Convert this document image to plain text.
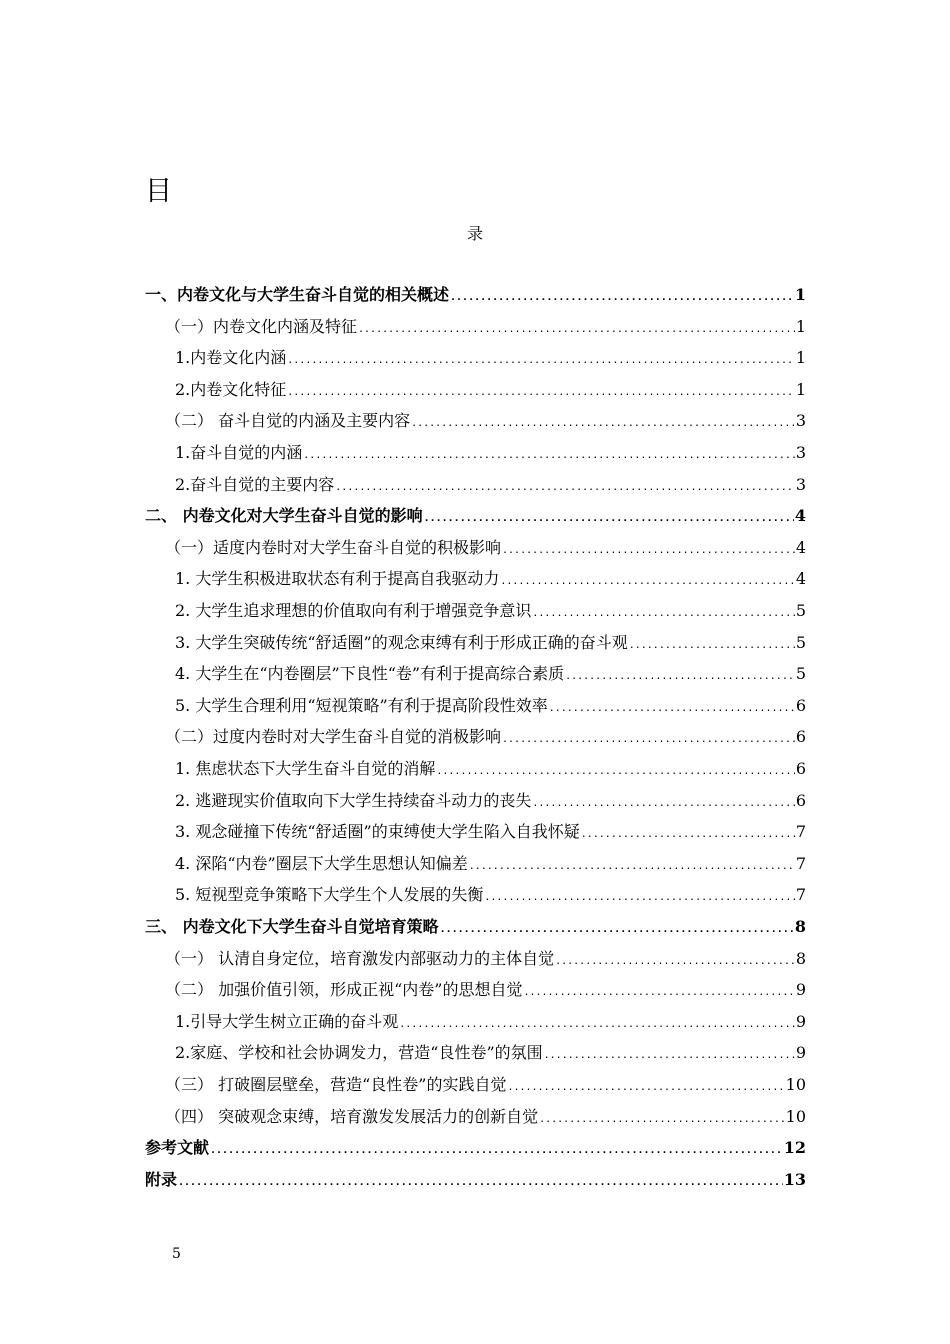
目
录
一、内卷文化与大学生奋斗自觉的相关概述 .....	1
（一）内卷文化内涵及特征 .....	1
1.内卷文化内涵 .....	1
2.内卷文化特征 .....	1
（二） 奋斗自觉的内涵及主要内容 .....	3
1.奋斗自觉的内涵 .....	3
2.奋斗自觉的主要内容 .....	3
二、 内卷文化对大学生奋斗自觉的影响 .....	4
（一）适度内卷时对大学生奋斗自觉的积极影响 .....	4
1. 大学生积极进取状态有利于提高自我驱动力 .....	4
2. 大学生追求理想的价值取向有利于增强竞争意识 .....	5
3. 大学生突破传统“舒适圈”的观念束缚有利于形成正确的奋斗观 .....	5
4. 大学生在“内卷圈层”下良性“卷”有利于提高综合素质 .....	5
5. 大学生合理利用“短视策略”有利于提高阶段性效率 .....	6
（二）过度内卷时对大学生奋斗自觉的消极影响 .....	6
1. 焦虑状态下大学生奋斗自觉的消解 .....	6
2. 逃避现实价值取向下大学生持续奋斗动力的丧失 .....	6
3. 观念碰撞下传统“舒适圈”的束缚使大学生陷入自我怀疑 .....	7
4. 深陷“内卷”圈层下大学生思想认知偏差 .....	7
5. 短视型竞争策略下大学生个人发展的失衡 .....	7
三、 内卷文化下大学生奋斗自觉培育策略 .....	8
（一） 认清自身定位，培育激发内部驱动力的主体自觉 .....	8
（二） 加强价值引领，形成正视“内卷”的思想自觉 .....	9
1.引导大学生树立正确的奋斗观 .....	9
2.家庭、学校和社会协调发力，营造“良性卷”的氛围 .....	9
（三） 打破圈层壁垒，营造“良性卷”的实践自觉 .....	10
（四） 突破观念束缚，培育激发发展活力的创新自觉 .....	10
参考文献 .....	12
附录 .....	13
5
